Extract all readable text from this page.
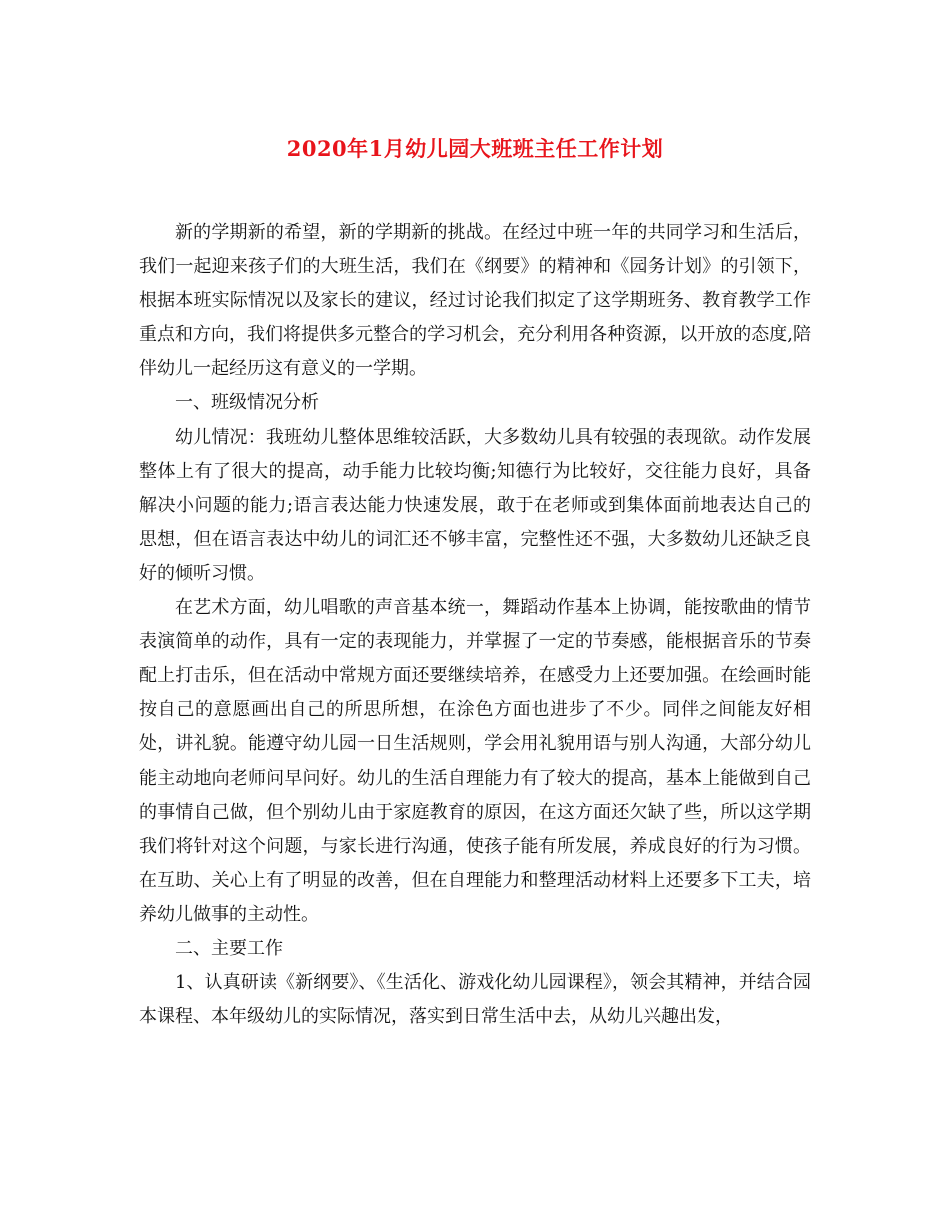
2020年1月幼儿园大班班主任工作计划

新的学期新的希望，新的学期新的挑战。在经过中班一年的共同学习和生活后，我们一起迎来孩子们的大班生活，我们在《纲要》的精神和《园务计划》的引领下，根据本班实际情况以及家长的建议，经过讨论我们拟定了这学期班务、教育教学工作重点和方向，我们将提供多元整合的学习机会，充分利用各种资源，以开放的态度,陪伴幼儿一起经历这有意义的一学期。

一、班级情况分析

幼儿情况：我班幼儿整体思维较活跃，大多数幼儿具有较强的表现欲。动作发展整体上有了很大的提高，动手能力比较均衡;知德行为比较好，交往能力良好，具备解决小问题的能力;语言表达能力快速发展，敢于在老师或到集体面前地表达自己的思想，但在语言表达中幼儿的词汇还不够丰富，完整性还不强，大多数幼儿还缺乏良好的倾听习惯。

在艺术方面，幼儿唱歌的声音基本统一，舞蹈动作基本上协调，能按歌曲的情节表演简单的动作，具有一定的表现能力，并掌握了一定的节奏感，能根据音乐的节奏配上打击乐，但在活动中常规方面还要继续培养，在感受力上还要加强。在绘画时能按自己的意愿画出自己的所思所想，在涂色方面也进步了不少。同伴之间能友好相处，讲礼貌。能遵守幼儿园一日生活规则，学会用礼貌用语与别人沟通，大部分幼儿能主动地向老师问早问好。幼儿的生活自理能力有了较大的提高，基本上能做到自己的事情自己做，但个别幼儿由于家庭教育的原因，在这方面还欠缺了些，所以这学期我们将针对这个问题，与家长进行沟通，使孩子能有所发展，养成良好的行为习惯。在互助、关心上有了明显的改善，但在自理能力和整理活动材料上还要多下工夫，培养幼儿做事的主动性。

二、主要工作

1、认真研读《新纲要》、《生活化、游戏化幼儿园课程》，领会其精神，并结合园本课程、本年级幼儿的实际情况，落实到日常生活中去，从幼儿兴趣出发，
